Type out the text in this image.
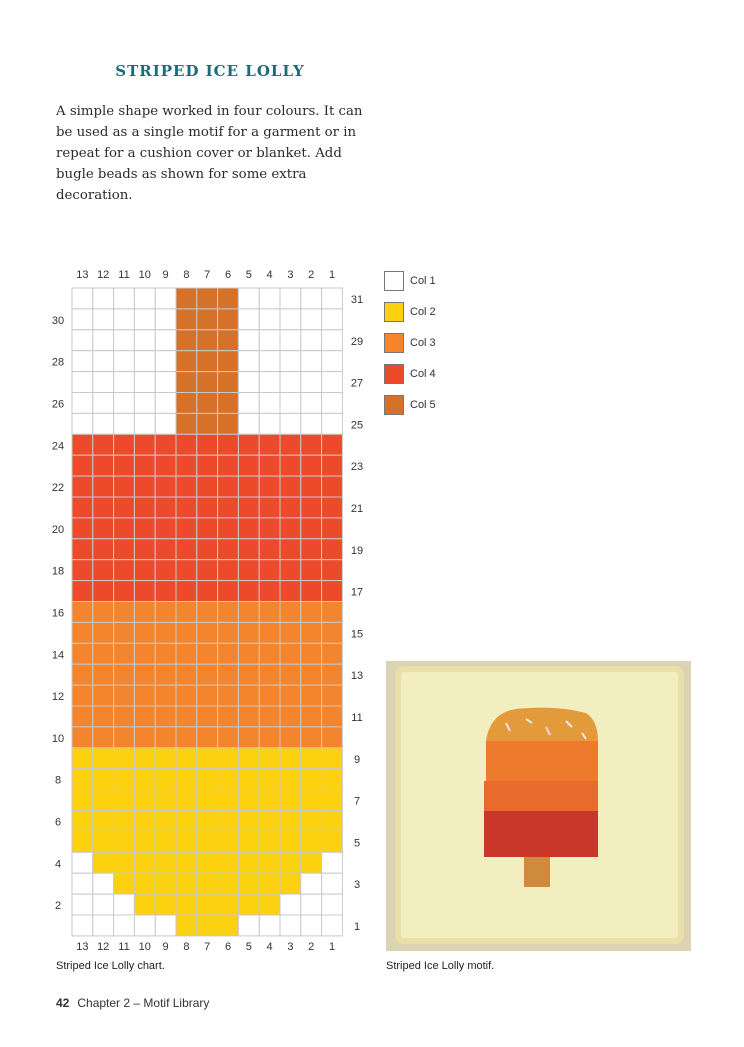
STRIPED ICE LOLLY

A simple shape worked in four colours. It can be used as a single motif for a garment or in repeat for a cushion cover or blanket. Add bugle beads as shown for some extra decoration.

13
13
12
12
11
11
10
10
9
9
8
8
7
7
6
6
5
5
4
4
3
3
2
2
1
1
31
29
27
25
23
21
19
17
15
13
11
9
7
5
3
1
30
28
26
24
22
20
18
16
14
12
10
8
6
4
2
Col 1
Col 2
Col 3
Col 4
Col 5
Striped Ice Lolly chart.	Striped Ice Lolly motif.
42 Chapter 2 – Motif Library
